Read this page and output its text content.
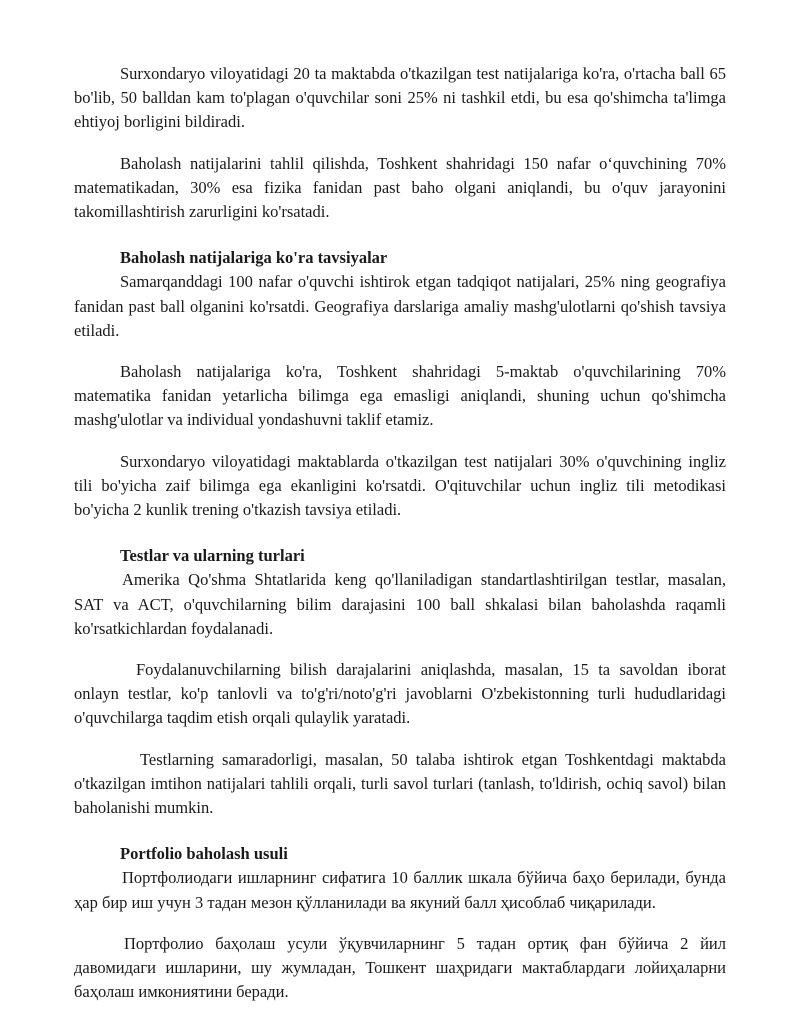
Surxondaryo viloyatidagi 20 ta maktabda o'tkazilgan test natijalariga ko'ra, o'rtacha ball 65 bo'lib, 50 balldan kam to'plagan o'quvchilar soni 25% ni tashkil etdi, bu esa qo'shimcha ta'limga ehtiyoj borligini bildiradi.

Baholash natijalarini tahlil qilishda, Toshkent shahridagi 150 nafar o‘quvchining 70% matematikadan, 30% esa fizika fanidan past baho olgani aniqlandi, bu o'quv jarayonini takomillashtirish zarurligini ko'rsatadi.

Baholash natijalariga ko'ra tavsiyalar

Samarqanddagi 100 nafar o'quvchi ishtirok etgan tadqiqot natijalari, 25% ning geografiya fanidan past ball olganini ko'rsatdi. Geografiya darslariga amaliy mashg'ulotlarni qo'shish tavsiya etiladi.

Baholash natijalariga ko'ra, Toshkent shahridagi 5-maktab o'quvchilarining 70% matematika fanidan yetarlicha bilimga ega emasligi aniqlandi, shuning uchun qo'shimcha mashg'ulotlar va individual yondashuvni taklif etamiz.

Surxondaryo viloyatidagi maktablarda o'tkazilgan test natijalari 30% o'quvchining ingliz tili bo'yicha zaif bilimga ega ekanligini ko'rsatdi. O'qituvchilar uchun ingliz tili metodikasi bo'yicha 2 kunlik trening o'tkazish tavsiya etiladi.

Testlar va ularning turlari

Amerika Qo'shma Shtatlarida keng qo'llaniladigan standartlashtirilgan testlar, masalan, SAT va ACT, o'quvchilarning bilim darajasini 100 ball shkalasi bilan baholashda raqamli ko'rsatkichlardan foydalanadi.

Foydalanuvchilarning bilish darajalarini aniqlashda, masalan, 15 ta savoldan iborat onlayn testlar, ko'p tanlovli va to'g'ri/noto'g'ri javoblarni O'zbekistonning turli hududlaridagi o'quvchilarga taqdim etish orqali qulaylik yaratadi.

Testlarning samaradorligi, masalan, 50 talaba ishtirok etgan Toshkentdagi maktabda o'tkazilgan imtihon natijalari tahlili orqali, turli savol turlari (tanlash, to'ldirish, ochiq savol) bilan baholanishi mumkin.

Portfolio baholash usuli

Портфолиодаги ишларнинг сифатига 10 баллик шкала бўйича баҳо берилади, бунда ҳар бир иш учун 3 тадан мезон қўлланилади ва якуний балл ҳисоблаб чиқарилади.

Портфолио баҳолаш усули ўқувчиларнинг 5 тадан ортиқ фан бўйича 2 йил давомидаги ишларини, шу жумладан, Тошкент шаҳридаги мактаблардаги лойиҳаларни баҳолаш имкониятини беради.
